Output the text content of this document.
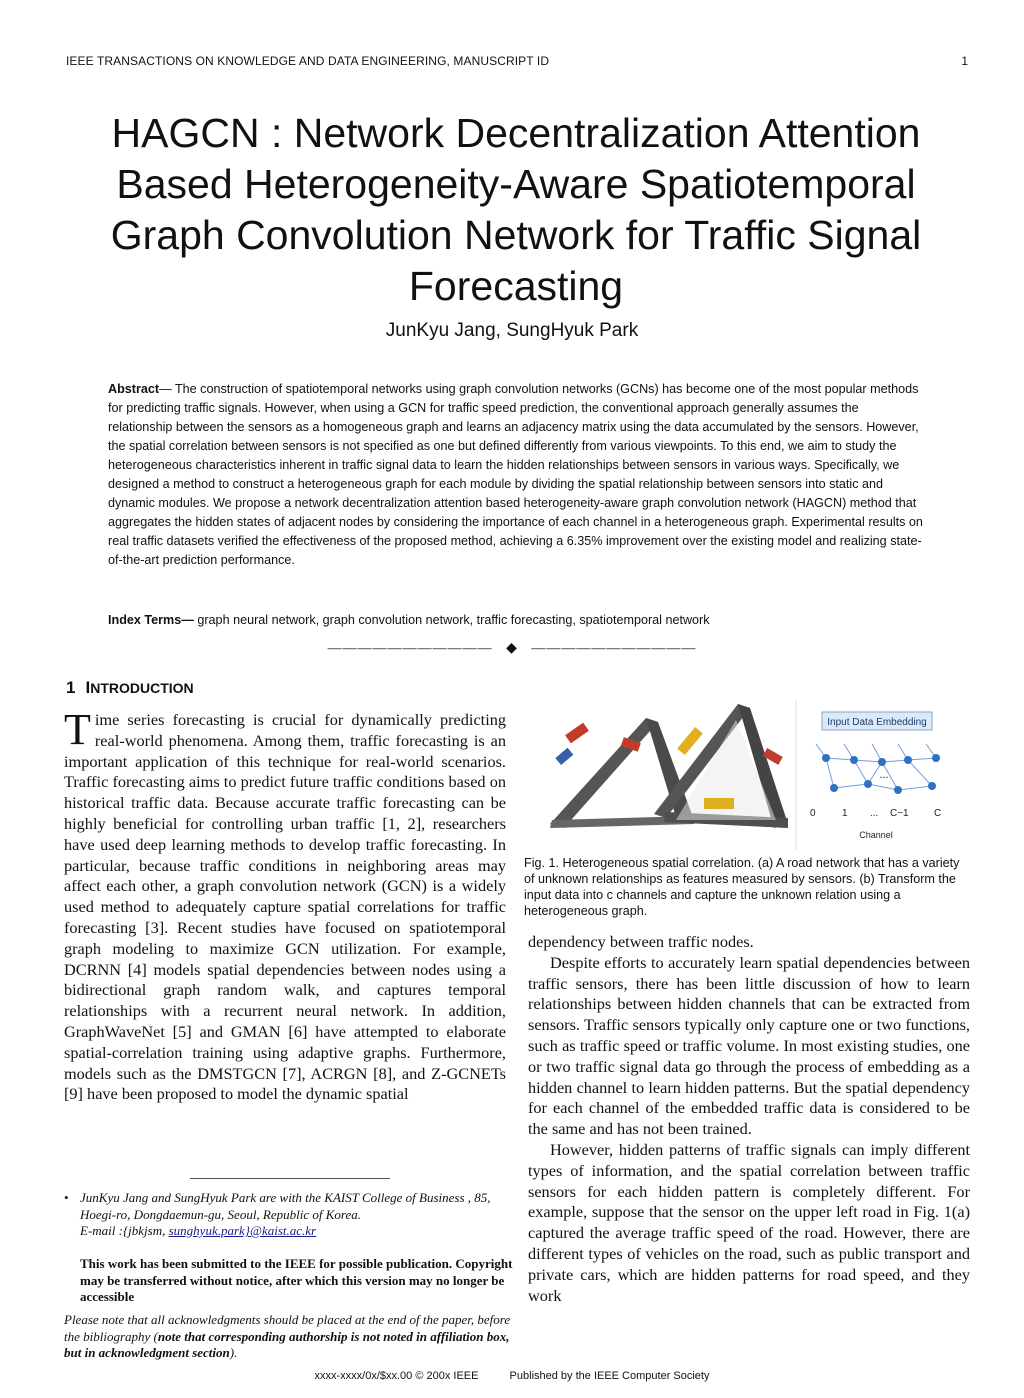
IEEE TRANSACTIONS ON KNOWLEDGE AND DATA ENGINEERING, MANUSCRIPT ID	1
HAGCN : Network Decentralization Attention Based Heterogeneity-Aware Spatiotemporal Graph Convolution Network for Traffic Signal Forecasting
JunKyu Jang, SungHyuk Park

Abstract— The construction of spatiotemporal networks using graph convolution networks (GCNs) has become one of the most popular methods for predicting traffic signals. However, when using a GCN for traffic speed prediction, the conventional approach generally assumes the relationship between the sensors as a homogeneous graph and learns an adjacency matrix using the data accumulated by the sensors. However, the spatial correlation between sensors is not specified as one but defined differently from various viewpoints. To this end, we aim to study the heterogeneous characteristics inherent in traffic signal data to learn the hidden relationships between sensors in various ways. Specifically, we designed a method to construct a heterogeneous graph for each module by dividing the spatial relationship between sensors into static and dynamic modules. We propose a network decentralization attention based heterogeneity-aware graph convolution network (HAGCN) method that aggregates the hidden states of adjacent nodes by considering the importance of each channel in a heterogeneous graph. Experimental results on real traffic datasets verified the effectiveness of the proposed method, achieving a 6.35% improvement over the existing model and realizing state-of-the-art prediction performance.

Index Terms— graph neural network, graph convolution network, traffic forecasting, spatiotemporal network

——————————— ◆ ———————————
1 INTRODUCTION

Time series forecasting is crucial for dynamically predicting real-world phenomena. Among them, traffic forecasting is an important application of this technique for real-world scenarios. Traffic forecasting aims to predict future traffic conditions based on historical traffic data. Because accurate traffic forecasting can be highly beneficial for controlling urban traffic [1, 2], researchers have used deep learning methods to develop traffic forecasting. In particular, because traffic conditions in neighboring areas may affect each other, a graph convolution network (GCN) is a widely used method to adequately capture spatial correlations for traffic forecasting [3]. Recent studies have focused on spatiotemporal graph modeling to maximize GCN utilization. For example, DCRNN [4] models spatial dependencies between nodes using a bidirectional graph random walk, and captures temporal relationships with a recurrent neural network. In addition, GraphWaveNet [5] and GMAN [6] have attempted to elaborate spatial-correlation training using adaptive graphs. Furthermore, models such as the DMSTGCN [7], ACRGN [8], and Z-GCNETs [9] have been proposed to model the dynamic spatial

Input Data Embedding
...
0	1 ... C−1	C
Channel

Fig. 1. Heterogeneous spatial correlation. (a) A road network that has a variety of unknown relationships as features measured by sensors. (b) Transform the input data into c channels and capture the unknown relation using a heterogeneous graph.

dependency between traffic nodes.

Despite efforts to accurately learn spatial dependencies between traffic sensors, there has been little discussion of how to learn relationships between hidden channels that can be extracted from sensors. Traffic sensors typically only capture one or two functions, such as traffic speed or traffic volume. In most existing studies, one or two traffic signal data go through the process of embedding as a hidden channel to learn hidden patterns. But the spatial dependency for each channel of the embedded traffic data is considered to be the same and has not been trained.

However, hidden patterns of traffic signals can imply different types of information, and the spatial correlation between traffic sensors for each hidden pattern is completely different. For example, suppose that the sensor on the upper left road in Fig. 1(a) captured the average traffic speed of the road. However, there are different types of vehicles on the road, such as public transport and private cars, which are hidden patterns for road speed, and they work

• JunKyu Jang and SungHyuk Park are with the KAIST College of Business , 85, Hoegi-ro, Dongdaemun-gu, Seoul, Republic of Korea.
E-mail :{jbkjsm, sunghyuk.park}@kaist.ac.kr

This work has been submitted to the IEEE for possible publication. Copyright may be transferred without notice, after which this version may no longer be accessible

Please note that all acknowledgments should be placed at the end of the paper, before the bibliography (note that corresponding authorship is not noted in affiliation box, but in acknowledgment section).

xxxx-xxxx/0x/$xx.00 © 200x IEEE	Published by the IEEE Computer Society
